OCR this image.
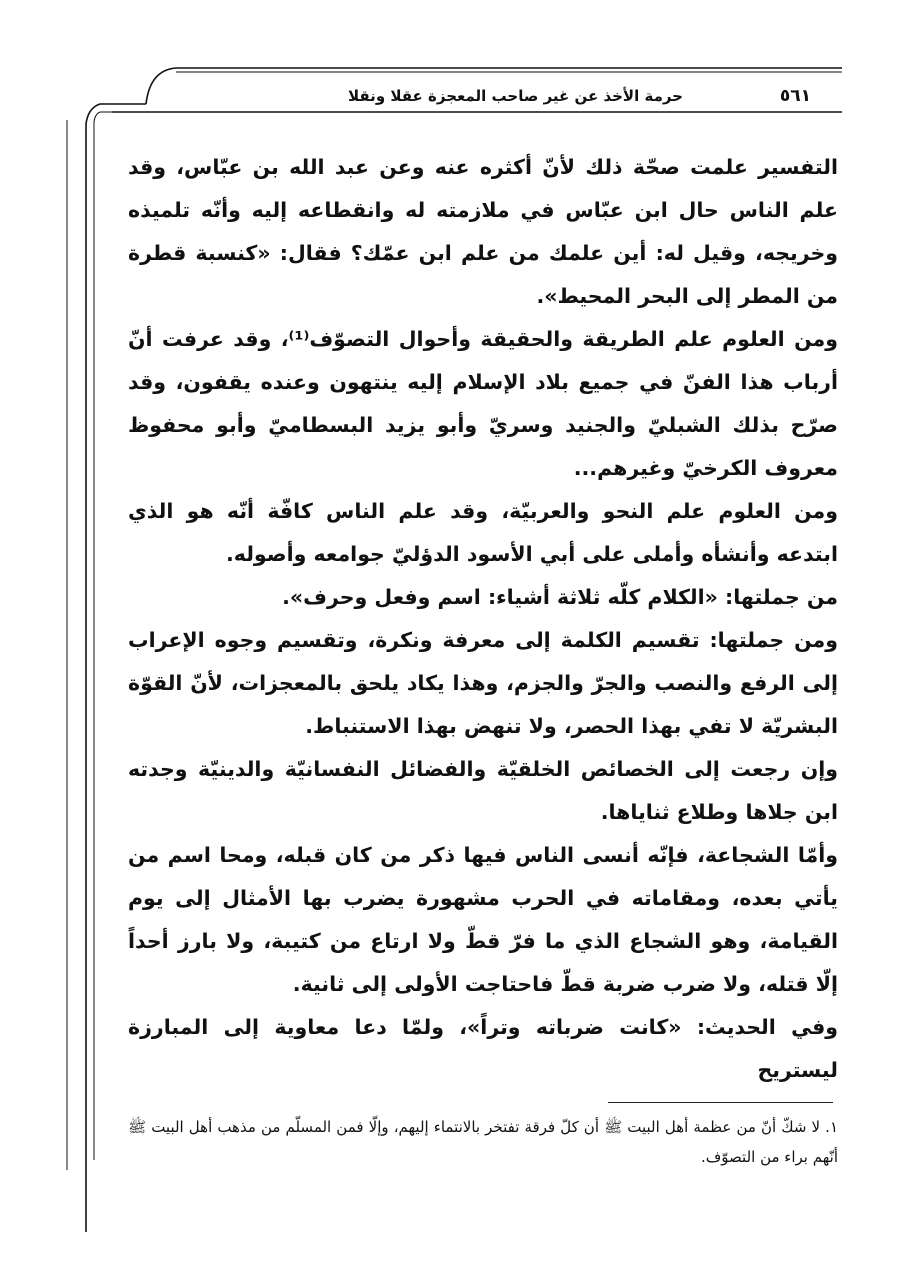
٥٦١
حرمة الأخذ عن غير صاحب المعجزة عقلا ونقلا

التفسير علمت صحّة ذلك لأنّ أكثره عنه وعن عبد الله بن عبّاس، وقد علم الناس حال ابن عبّاس في ملازمته له وانقطاعه إليه وأنّه تلميذه وخريجه، وقيل له: أين علمك من علم ابن عمّك؟ فقال: «كنسبة قطرة من المطر إلى البحر المحيط».

ومن العلوم علم الطريقة والحقيقة وأحوال التصوّف⁽¹⁾، وقد عرفت أنّ أرباب هذا الفنّ في جميع بلاد الإسلام إليه ينتهون وعنده يقفون، وقد صرّح بذلك الشبليّ والجنيد وسريّ وأبو يزيد البسطاميّ وأبو محفوظ معروف الكرخيّ وغيرهم...

ومن العلوم علم النحو والعربيّة، وقد علم الناس كافّة أنّه هو الذي ابتدعه وأنشأه وأملى على أبي الأسود الدؤليّ جوامعه وأصوله.

من جملتها: «الكلام كلّه ثلاثة أشياء: اسم وفعل وحرف».

ومن جملتها: تقسيم الكلمة إلى معرفة ونكرة، وتقسيم وجوه الإعراب إلى الرفع والنصب والجرّ والجزم، وهذا يكاد يلحق بالمعجزات، لأنّ القوّة البشريّة لا تفي بهذا الحصر، ولا تنهض بهذا الاستنباط.

وإن رجعت إلى الخصائص الخلقيّة والفضائل النفسانيّة والدينيّة وجدته ابن جلاها وطلاع ثناياها.

وأمّا الشجاعة، فإنّه أنسى الناس فيها ذكر من كان قبله، ومحا اسم من يأتي بعده، ومقاماته في الحرب مشهورة يضرب بها الأمثال إلى يوم القيامة، وهو الشجاع الذي ما فرّ قطّ ولا ارتاع من كتيبة، ولا بارز أحداً إلّا قتله، ولا ضرب ضربة قطّ فاحتاجت الأولى إلى ثانية.

وفي الحديث: «كانت ضرباته وتراً»، ولمّا دعا معاوية إلى المبارزة ليستريح

١. لا شكّ أنّ من عظمة أهل البيت ﷺ أن كلّ فرقة تفتخر بالانتماء إليهم، وإلّا فمن المسلّم من مذهب أهل البيت ﷺ أنّهم براء من التصوّف.
